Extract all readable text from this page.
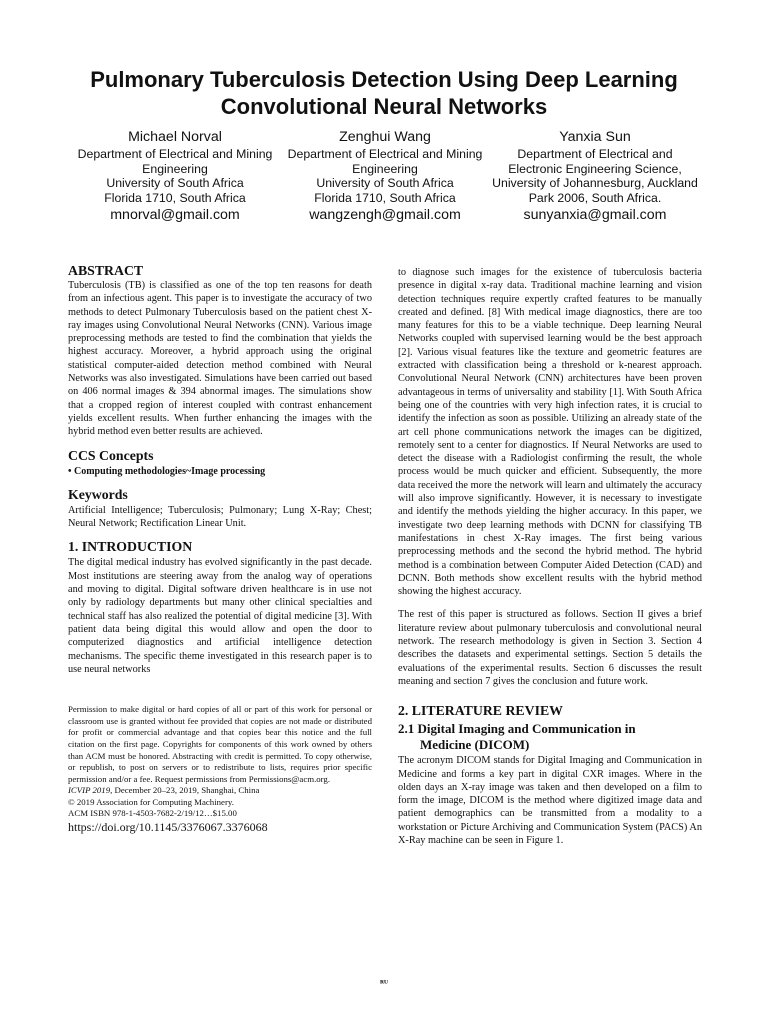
Pulmonary Tuberculosis Detection Using Deep Learning
Convolutional Neural Networks
Michael Norval
Department of Electrical and Mining
Engineering
University of South Africa
Florida 1710, South Africa
mnorval@gmail.com
Zenghui Wang
Department of Electrical and Mining
Engineering
University of South Africa
Florida 1710, South Africa
wangzengh@gmail.com
Yanxia Sun
Department of Electrical and
Electronic Engineering Science,
University of Johannesburg, Auckland
Park 2006, South Africa.
sunyanxia@gmail.com
ABSTRACT

Tuberculosis (TB) is classified as one of the top ten reasons for death from an infectious agent. This paper is to investigate the accuracy of two methods to detect Pulmonary Tuberculosis based on the patient chest X-ray images using Convolutional Neural Networks (CNN). Various image preprocessing methods are tested to find the combination that yields the highest accuracy. Moreover, a hybrid approach using the original statistical computer-aided detection method combined with Neural Networks was also investigated. Simulations have been carried out based on 406 normal images & 394 abnormal images. The simulations show that a cropped region of interest coupled with contrast enhancement yields excellent results. When further enhancing the images with the hybrid method even better results are achieved.

CCS Concepts

• Computing methodologies~Image processing

Keywords

Artificial Intelligence; Tuberculosis; Pulmonary; Lung X-Ray; Chest; Neural Network; Rectification Linear Unit.

1. INTRODUCTION

The digital medical industry has evolved significantly in the past decade. Most institutions are steering away from the analog way of operations and moving to digital. Digital software driven healthcare is in use not only by radiology departments but many other clinical specialties and technical staff has also realized the potential of digital medicine [3]. With patient data being digital this would allow and open the door to computerized diagnostics and artificial intelligence detection mechanisms. The specific theme investigated in this research paper is to use neural networks

Permission to make digital or hard copies of all or part of this work for personal or classroom use is granted without fee provided that copies are not made or distributed for profit or commercial advantage and that copies bear this notice and the full citation on the first page. Copyrights for components of this work owned by others than ACM must be honored. Abstracting with credit is permitted. To copy otherwise, or republish, to post on servers or to redistribute to lists, requires prior specific permission and/or a fee. Request permissions from Permissions@acm.org.

ICVIP 2019, December 20–23, 2019, Shanghai, China
© 2019 Association for Computing Machinery.
ACM ISBN 978-1-4503-7682-2/19/12…$15.00
https://doi.org/10.1145/3376067.3376068

to diagnose such images for the existence of tuberculosis bacteria presence in digital x-ray data. Traditional machine learning and vision detection techniques require expertly crafted features to be manually created and defined. [8] With medical image diagnostics, there are too many features for this to be a viable technique. Deep learning Neural Networks coupled with supervised learning would be the best approach [2]. Various visual features like the texture and geometric features are extracted with classification being a threshold or k-nearest approach. Convolutional Neural Network (CNN) architectures have been proven advantageous in terms of universality and stability [1]. With South Africa being one of the countries with very high infection rates, it is crucial to identify the infection as soon as possible. Utilizing an already state of the art cell phone communications network the images can be digitized, remotely sent to a center for diagnostics. If Neural Networks are used to detect the disease with a Radiologist confirming the result, the whole process would be much quicker and efficient. Subsequently, the more data received the more the network will learn and ultimately the accuracy will also improve significantly. However, it is necessary to investigate and identify the methods yielding the higher accuracy. In this paper, we investigate two deep learning methods with DCNN for classifying TB manifestations in chest X-Ray images. The first being various preprocessing methods and the second the hybrid method. The hybrid method is a combination between Computer Aided Detection (CAD) and DCNN. Both methods show excellent results with the hybrid method showing the highest accuracy.

The rest of this paper is structured as follows. Section II gives a brief literature review about pulmonary tuberculosis and convolutional neural network. The research methodology is given in Section 3. Section 4 describes the datasets and experimental settings. Section 5 details the evaluations of the experimental results. Section 6 discusses the result meaning and section 7 gives the conclusion and future work.

2. LITERATURE REVIEW
2.1 Digital Imaging and Communication in
Medicine (DICOM)

The acronym DICOM stands for Digital Imaging and Communication in Medicine and forms a key part in digital CXR images. Where in the olden days an X-ray image was taken and then developed on a film to form the image, DICOM is the method where digitized image data and patient demographics can be transmitted from a modality to a workstation or Picture Archiving and Communication System (PACS) An X-Ray machine can be seen in Figure 1.

ᴿᵁ
